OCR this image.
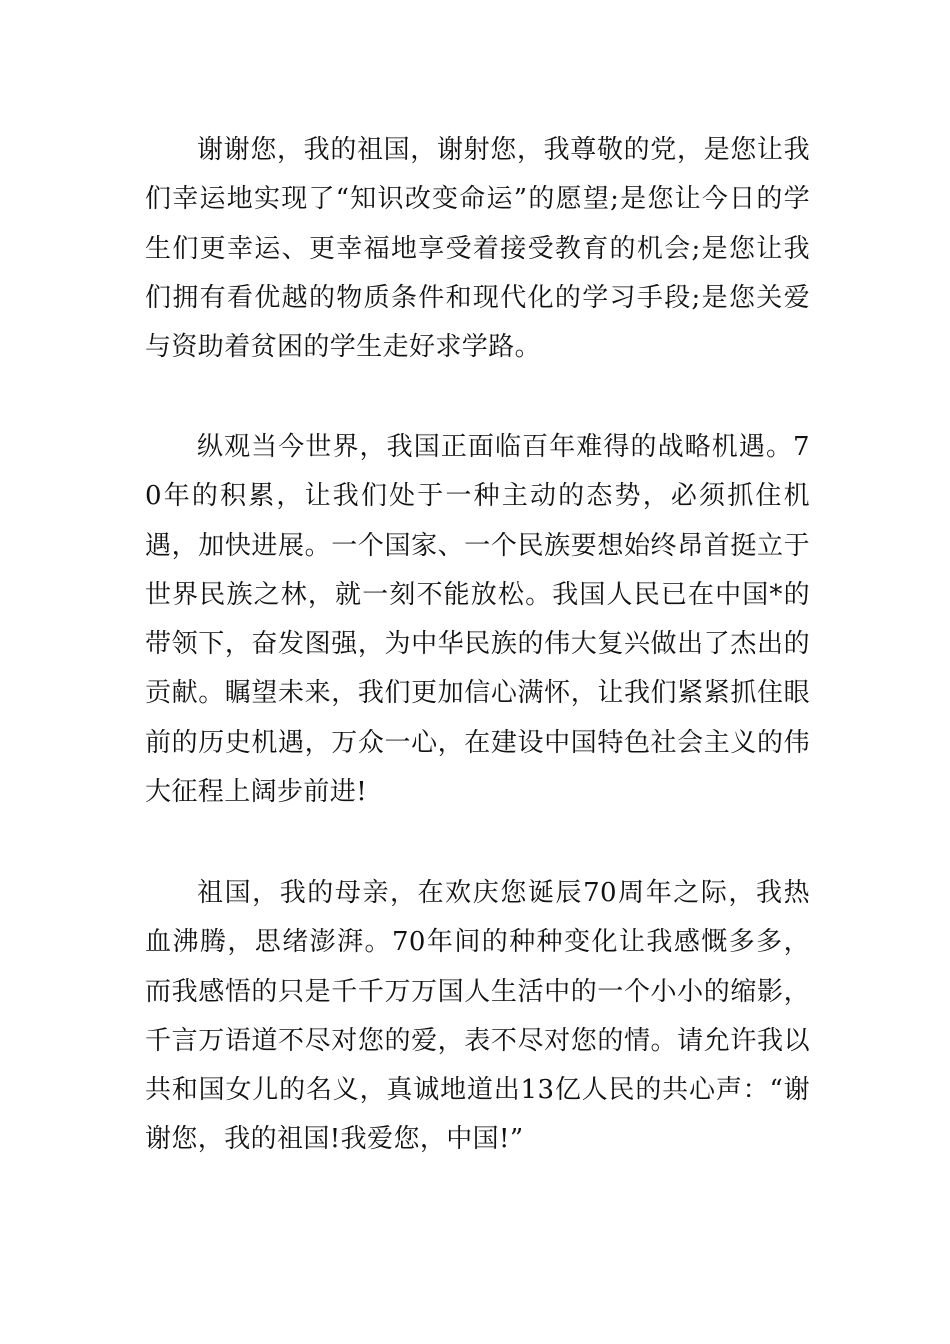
谢谢您，我的祖国，谢射您，我尊敬的党，是您让我们幸运地实现了“知识改变命运”的愿望;是您让今日的学生们更幸运、更幸福地享受着接受教育的机会;是您让我们拥有看优越的物质条件和现代化的学习手段;是您关爱与资助着贫困的学生走好求学路。

纵观当今世界，我国正面临百年难得的战略机遇。70年的积累，让我们处于一种主动的态势，必须抓住机遇，加快进展。一个国家、一个民族要想始终昂首挺立于世界民族之林，就一刻不能放松。我国人民已在中国*的带领下，奋发图强，为中华民族的伟大复兴做出了杰出的贡献。瞩望未来，我们更加信心满怀，让我们紧紧抓住眼前的历史机遇，万众一心，在建设中国特色社会主义的伟大征程上阔步前进!

祖国，我的母亲，在欢庆您诞辰70周年之际，我热血沸腾，思绪澎湃。70年间的种种变化让我感慨多多，而我感悟的只是千千万万国人生活中的一个小小的缩影，千言万语道不尽对您的爱，表不尽对您的情。请允许我以共和国女儿的名义，真诚地道出13亿人民的共心声：“谢谢您，我的祖国!我爱您，中国!”
